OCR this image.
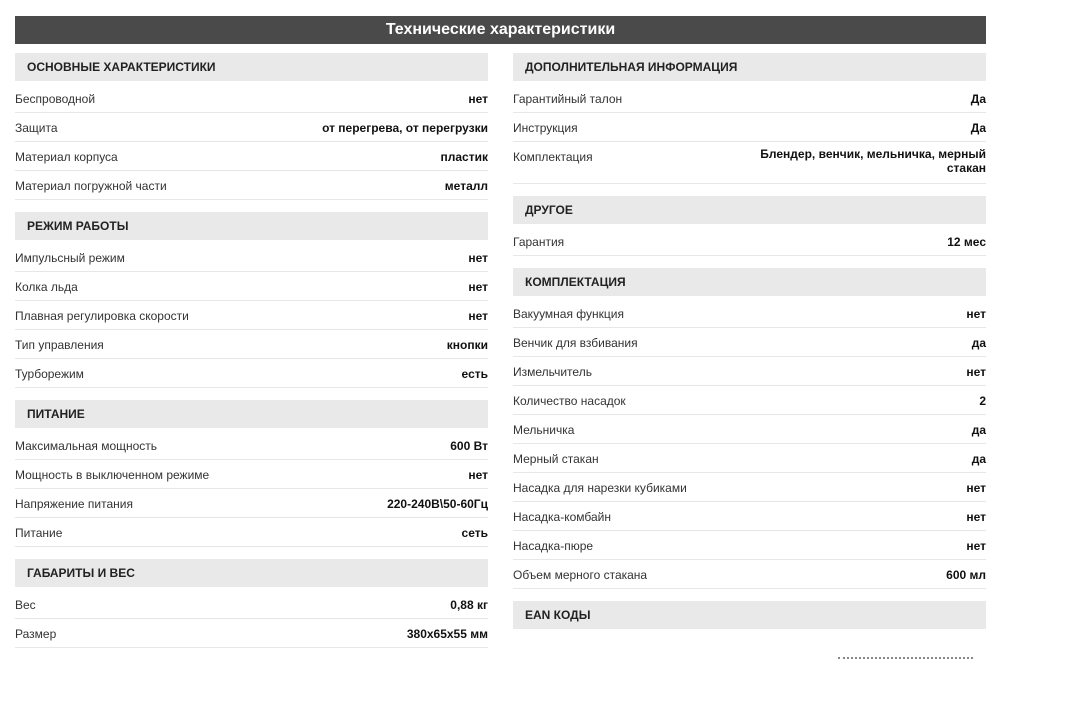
Технические характеристики
ОСНОВНЫЕ ХАРАКТЕРИСТИКИ
Беспроводной	нет
Защита	от перегрева, от перегрузки
Материал корпуса	пластик
Материал погружной части	металл
РЕЖИМ РАБОТЫ
Импульсный режим	нет
Колка льда	нет
Плавная регулировка скорости	нет
Тип управления	кнопки
Турборежим	есть
ПИТАНИЕ
Максимальная мощность	600 Вт
Мощность в выключенном режиме	нет
Напряжение питания	220-240В\50-60Гц
Питание	сеть
ГАБАРИТЫ И ВЕС
Вес	0,88 кг
Размер	380x65x55 мм
ДОПОЛНИТЕЛЬНАЯ ИНФОРМАЦИЯ
Гарантийный талон	Да
Инструкция	Да
Комплектация	Блендер, венчик, мельничка, мерный стакан
ДРУГОЕ
Гарантия	12 мес
КОМПЛЕКТАЦИЯ
Вакуумная функция	нет
Венчик для взбивания	да
Измельчитель	нет
Количество насадок	2
Мельничка	да
Мерный стакан	да
Насадка для нарезки кубиками	нет
Насадка-комбайн	нет
Насадка-пюре	нет
Объем мерного стакана	600 мл
EAN КОДЫ
